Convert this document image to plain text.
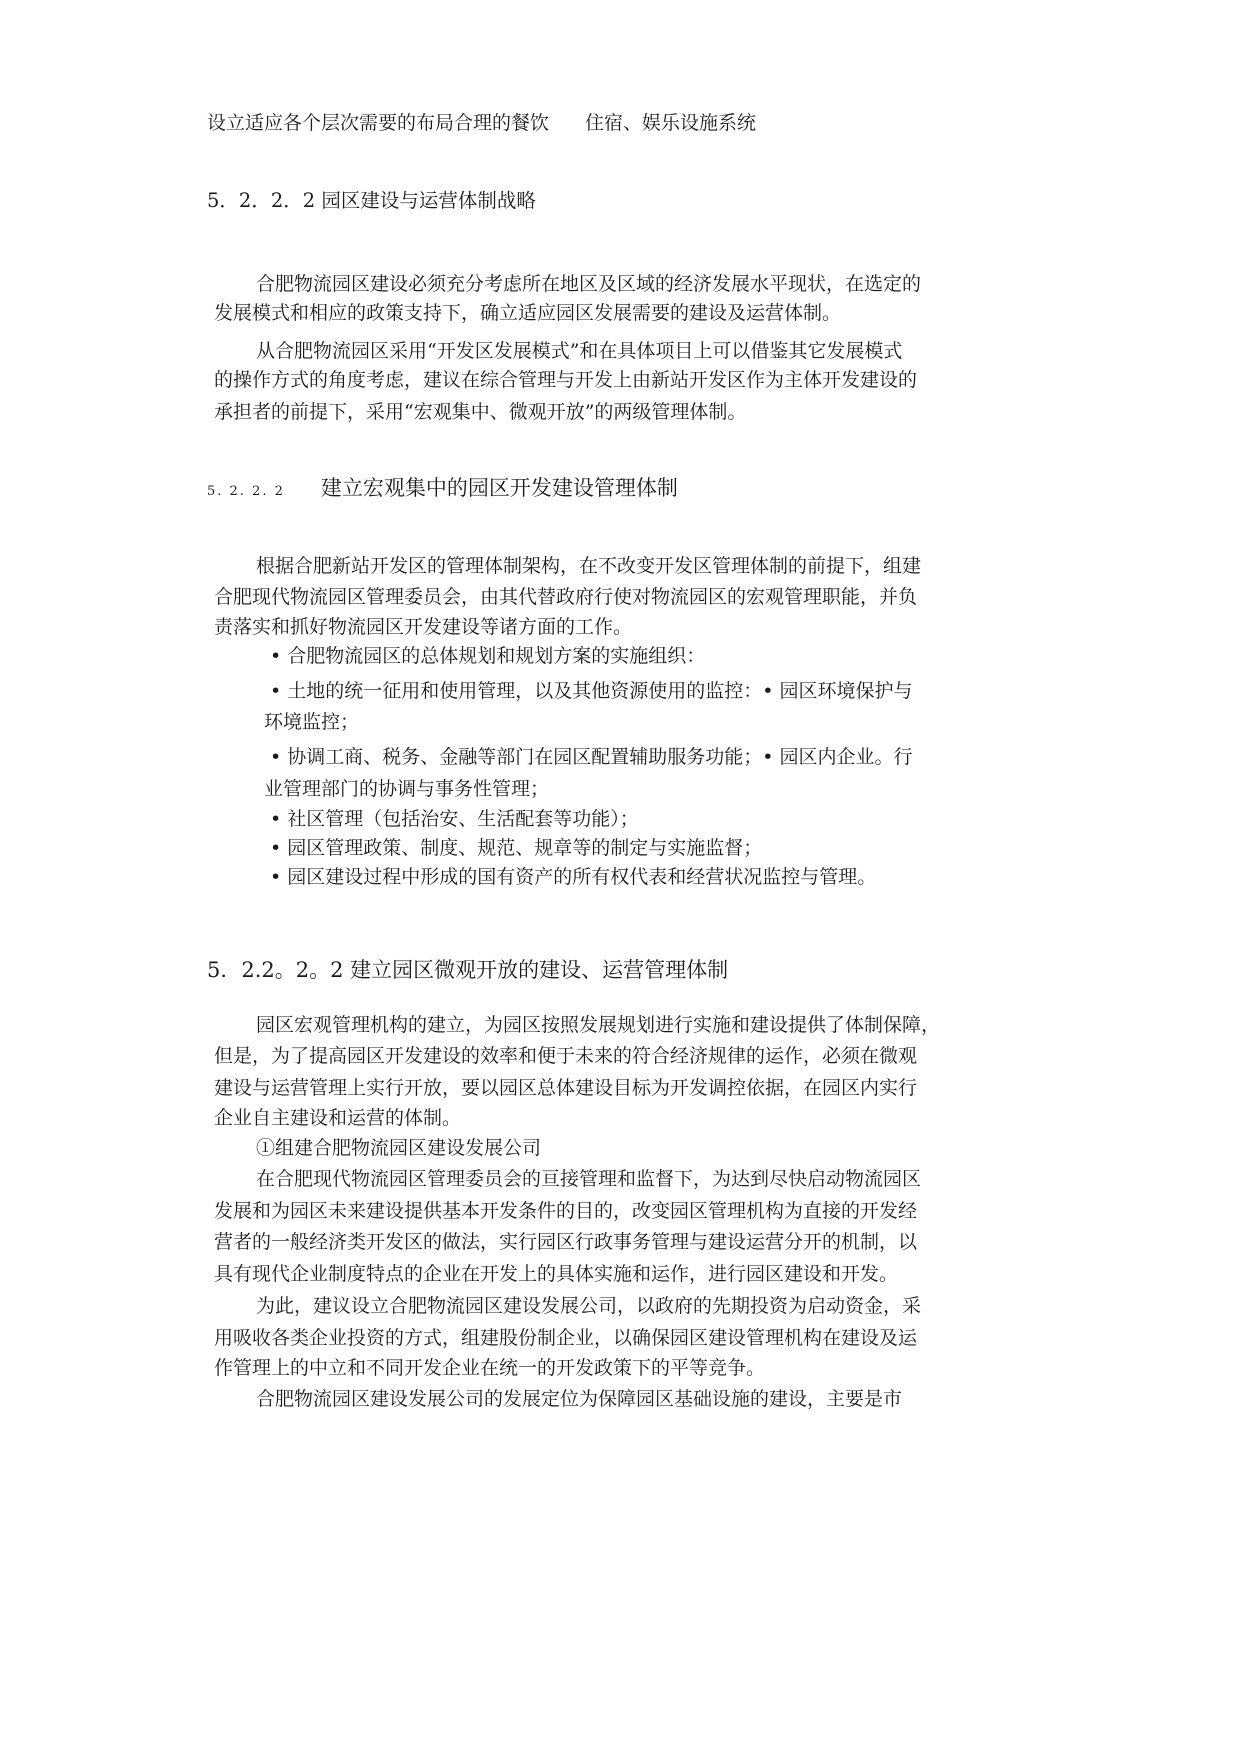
设立适应各个层次需要的布局合理的餐饮 住宿、娱乐设施系统
5．2．2．2 园区建设与运营体制战略
合肥物流园区建设必须充分考虑所在地区及区域的经济发展水平现状，在选定的
发展模式和相应的政策支持下，确立适应园区发展需要的建设及运营体制。
从合肥物流园区采用“开发区发展模式”和在具体项目上可以借鉴其它发展模式
的操作方式的角度考虑，建议在综合管理与开发上由新站开发区作为主体开发建设的
承担者的前提下，采用“宏观集中、微观开放”的两级管理体制。
5. 2. 2. 2 建立宏观集中的园区开发建设管理体制
根据合肥新站开发区的管理体制架构，在不改变开发区管理体制的前提下，组建
合肥现代物流园区管理委员会，由其代替政府行使对物流园区的宏观管理职能，并负
责落实和抓好物流园区开发建设等诸方面的工作。
• 合肥物流园区的总体规划和规划方案的实施组织：
• 土地的统一征用和使用管理，以及其他资源使用的监控：• 园区环境保护与
环境监控；
• 协调工商、税务、金融等部门在园区配置辅助服务功能；• 园区内企业。行
业管理部门的协调与事务性管理；
• 社区管理（包括治安、生活配套等功能）；
• 园区管理政策、制度、规范、规章等的制定与实施监督；
• 园区建设过程中形成的国有资产的所有权代表和经营状况监控与管理。
5．2.2。2。2 建立园区微观开放的建设、运营管理体制
园区宏观管理机构的建立，为园区按照发展规划进行实施和建设提供了体制保障，
但是，为了提高园区开发建设的效率和便于未来的符合经济规律的运作，必须在微观
建设与运营管理上实行开放，要以园区总体建设目标为开发调控依据，在园区内实行
企业自主建设和运营的体制。
①组建合肥物流园区建设发展公司
在合肥现代物流园区管理委员会的亘接管理和监督下，为达到尽快启动物流园区
发展和为园区未来建设提供基本开发条件的目的，改变园区管理机构为直接的开发经
营者的一般经济类开发区的做法，实行园区行政事务管理与建设运营分开的机制，以
具有现代企业制度特点的企业在开发上的具体实施和运作，进行园区建设和开发。
为此，建议设立合肥物流园区建设发展公司，以政府的先期投资为启动资金，采
用吸收各类企业投资的方式，组建股份制企业，以确保园区建设管理机构在建设及运
作管理上的中立和不同开发企业在统一的开发政策下的平等竞争。
合肥物流园区建设发展公司的发展定位为保障园区基础设施的建设，主要是市
